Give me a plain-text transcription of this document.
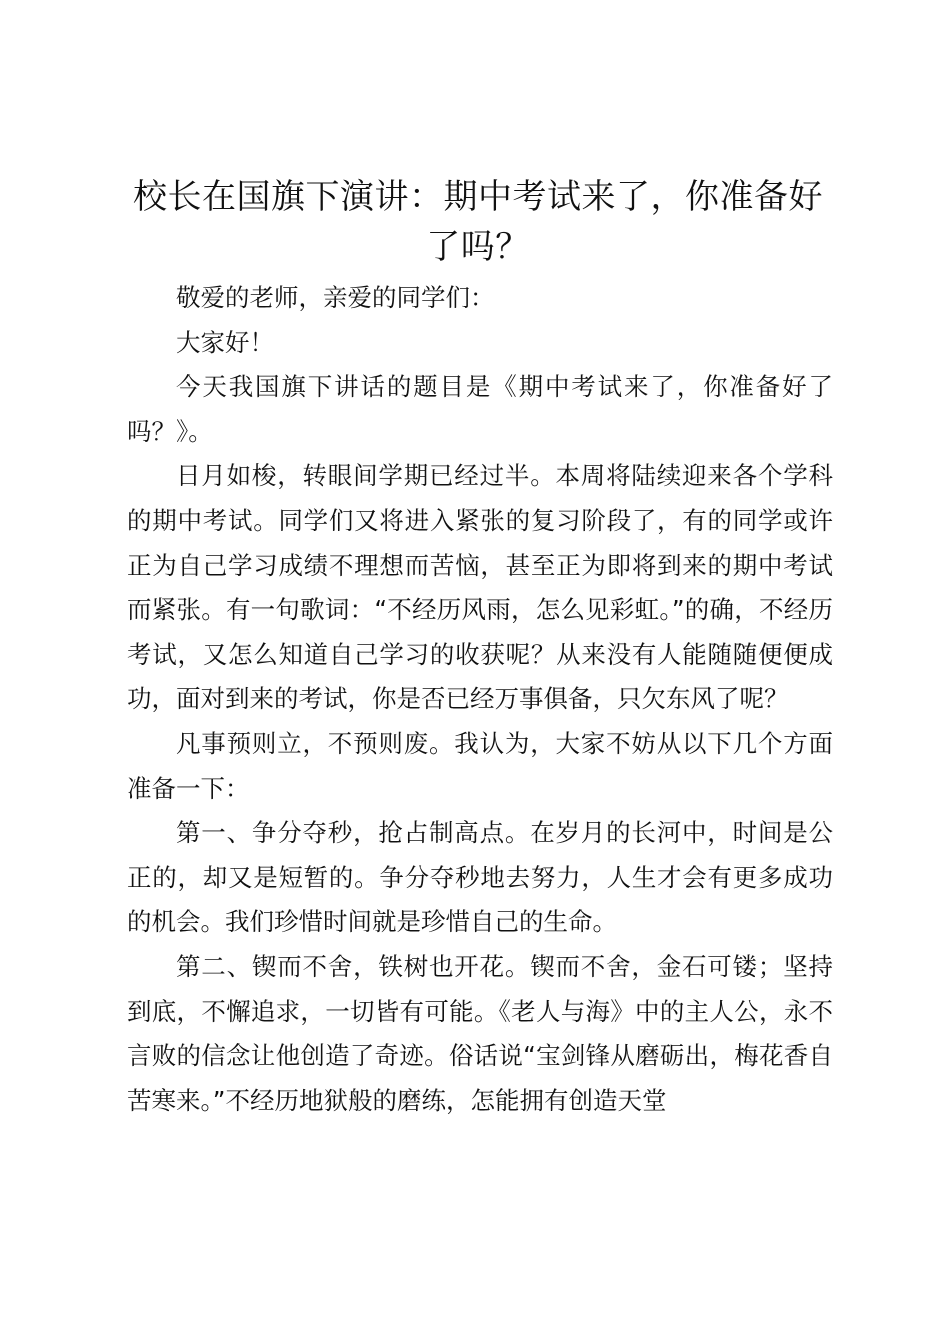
校长在国旗下演讲：期中考试来了，你准备好了吗？

敬爱的老师，亲爱的同学们：

大家好！

今天我国旗下讲话的题目是《期中考试来了，你准备好了吗？》。

日月如梭，转眼间学期已经过半。本周将陆续迎来各个学科的期中考试。同学们又将进入紧张的复习阶段了，有的同学或许正为自己学习成绩不理想而苦恼，甚至正为即将到来的期中考试而紧张。有一句歌词：“不经历风雨，怎么见彩虹。”的确，不经历考试，又怎么知道自己学习的收获呢？从来没有人能随随便便成功，面对到来的考试，你是否已经万事俱备，只欠东风了呢？

凡事预则立，不预则废。我认为，大家不妨从以下几个方面准备一下：

第一、争分夺秒，抢占制高点。在岁月的长河中，时间是公正的，却又是短暂的。争分夺秒地去努力，人生才会有更多成功的机会。我们珍惜时间就是珍惜自己的生命。

第二、锲而不舍，铁树也开花。锲而不舍，金石可镂；坚持到底，不懈追求，一切皆有可能。《老人与海》中的主人公，永不言败的信念让他创造了奇迹。俗话说“宝剑锋从磨砺出，梅花香自苦寒来。”不经历地狱般的磨练，怎能拥有创造天堂
